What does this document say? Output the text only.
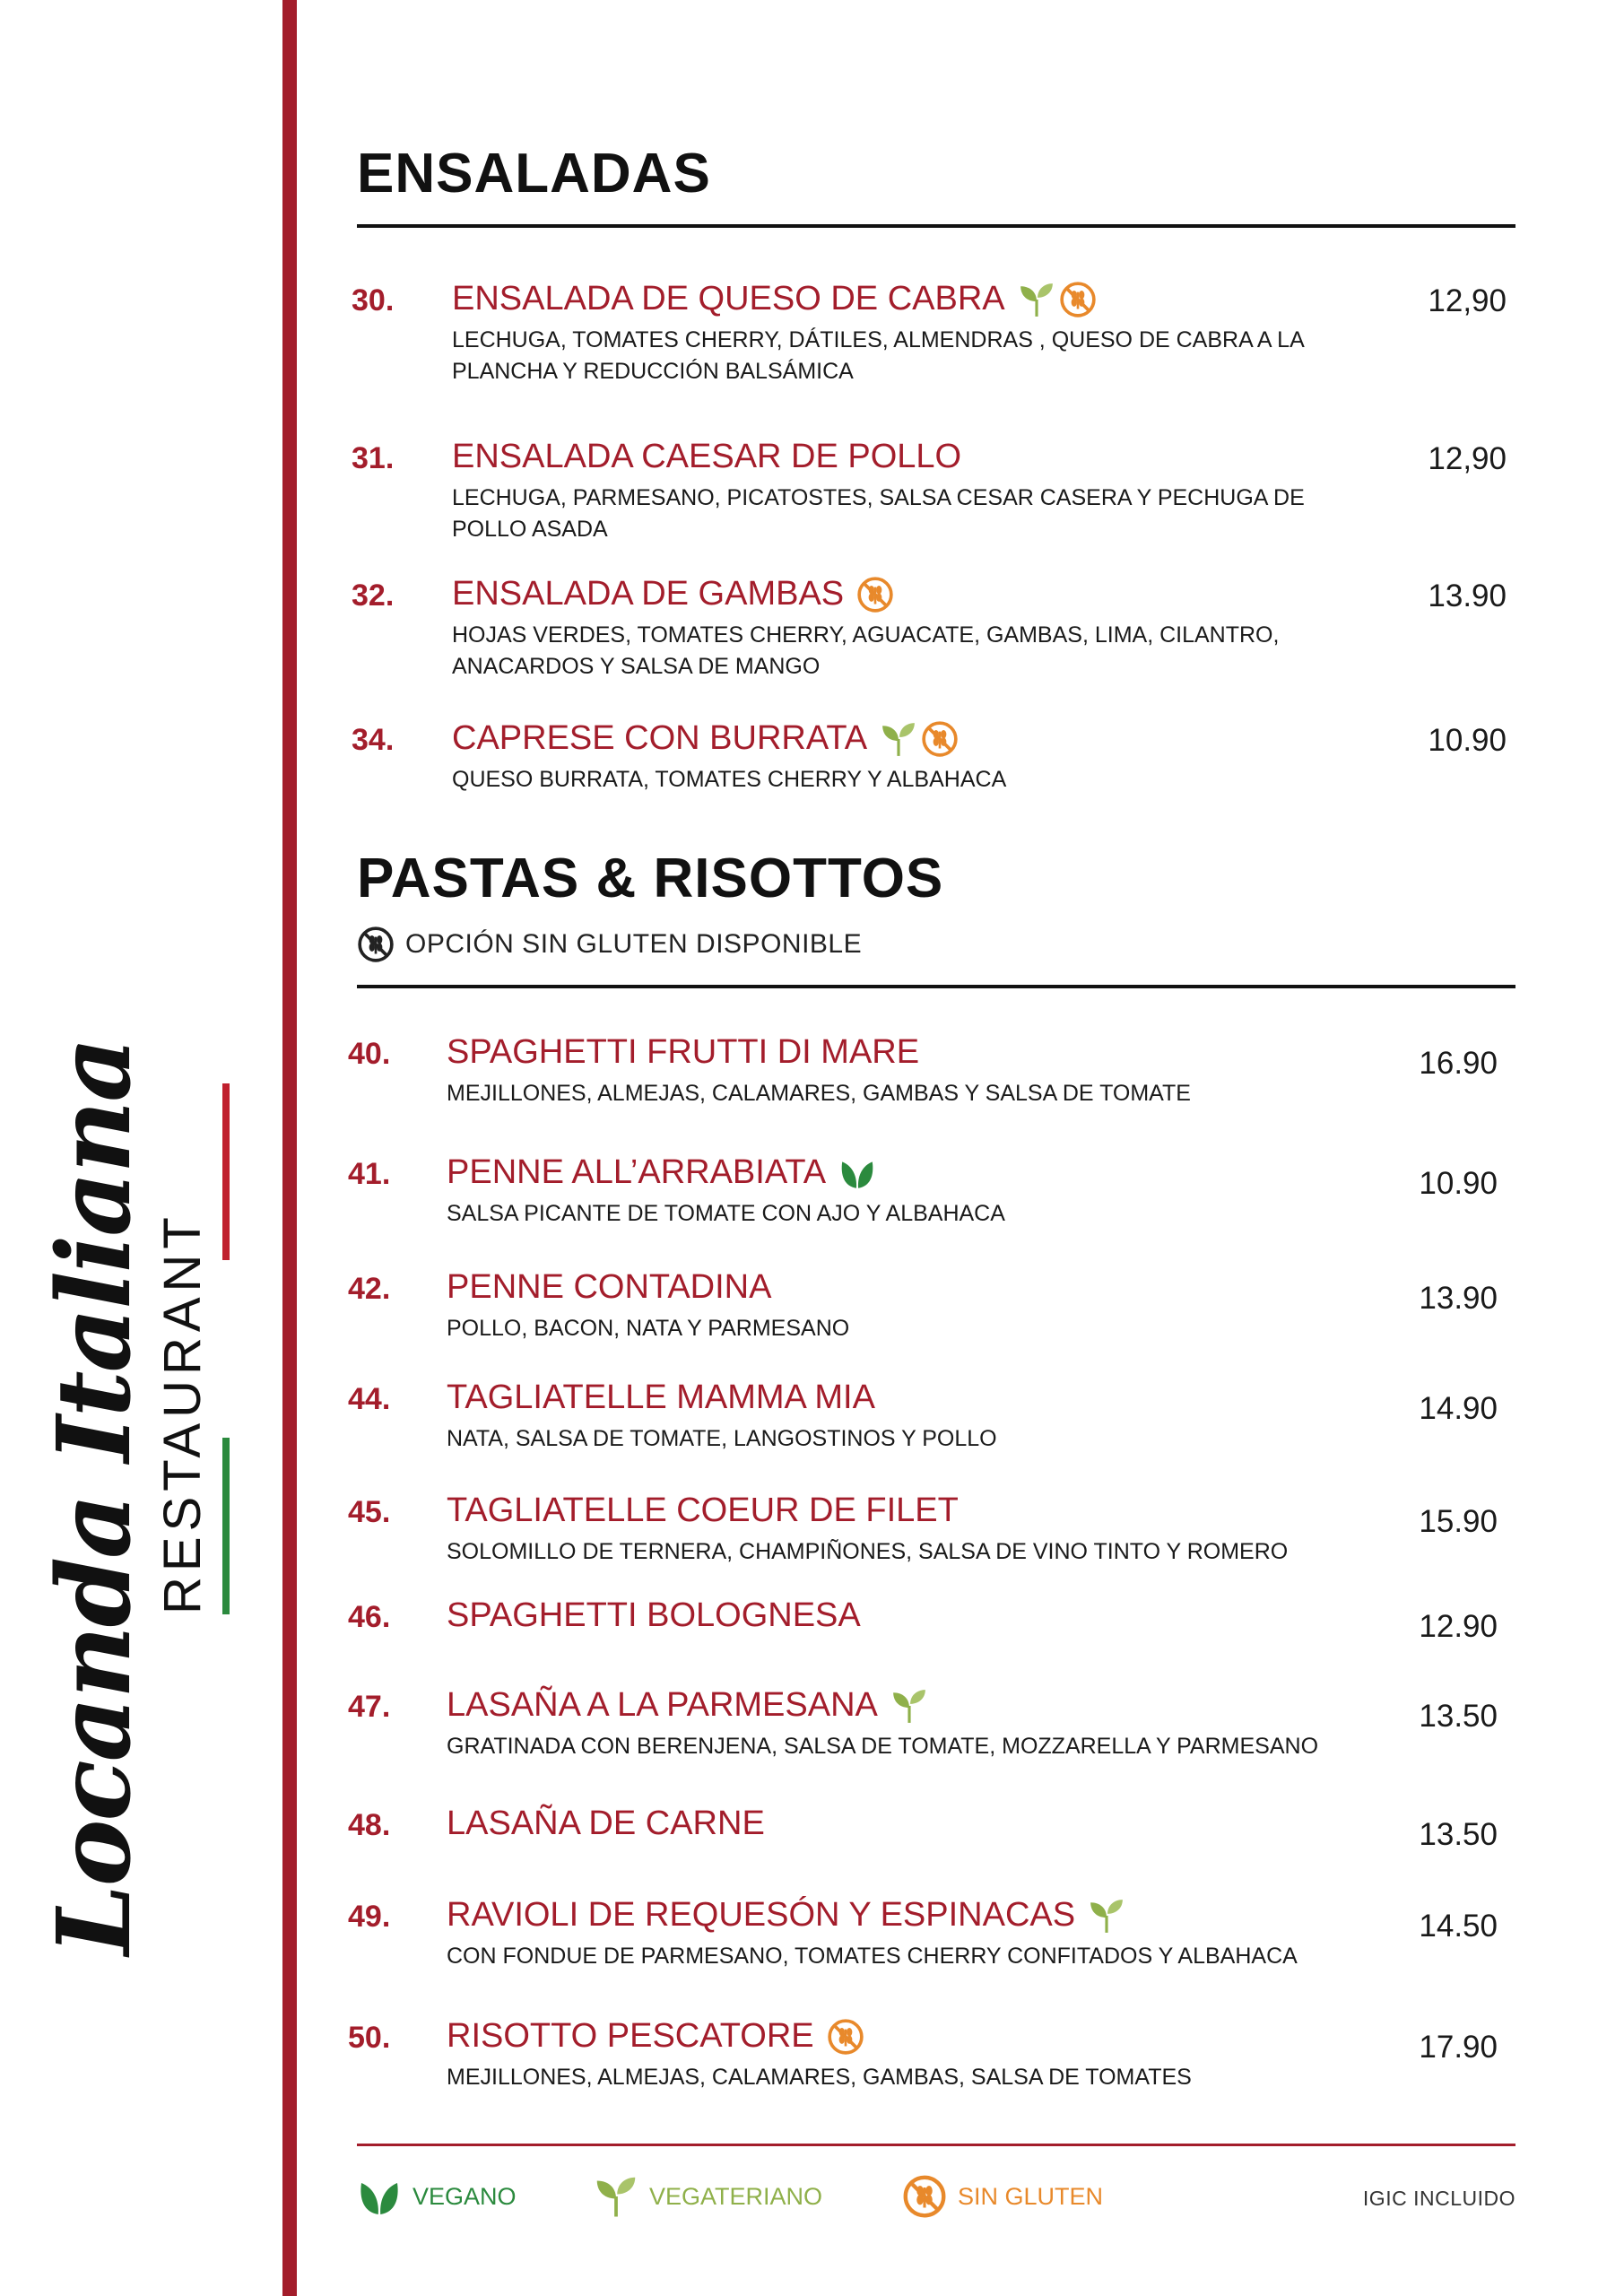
Locanda Italiana RESTAURANT
ENSALADAS
30. ENSALADA DE QUESO DE CABRA
LECHUGA, TOMATES CHERRY, DÁTILES, ALMENDRAS , QUESO DE CABRA A LA PLANCHA Y REDUCCIÓN BALSÁMICA
12,90
31. ENSALADA CAESAR DE POLLO
LECHUGA, PARMESANO, PICATOSTES, SALSA CESAR CASERA Y PECHUGA DE POLLO ASADA
12,90
32. ENSALADA DE GAMBAS
HOJAS VERDES, TOMATES CHERRY, AGUACATE, GAMBAS, LIMA, CILANTRO, ANACARDOS Y SALSA DE MANGO
13.90
34. CAPRESE CON BURRATA
QUESO BURRATA, TOMATES CHERRY Y ALBAHACA
10.90
PASTAS & RISOTTOS
OPCIÓN SIN GLUTEN DISPONIBLE
40. SPAGHETTI FRUTTI DI MARE
MEJILLONES, ALMEJAS, CALAMARES, GAMBAS Y SALSA DE TOMATE
16.90
41. PENNE ALL’ARRABIATA
SALSA PICANTE DE TOMATE CON AJO Y ALBAHACA
10.90
42. PENNE CONTADINA
POLLO, BACON, NATA Y PARMESANO
13.90
44. TAGLIATELLE MAMMA MIA
NATA, SALSA DE TOMATE, LANGOSTINOS Y POLLO
14.90
45. TAGLIATELLE COEUR DE FILET
SOLOMILLO DE TERNERA, CHAMPIÑONES, SALSA DE VINO TINTO Y ROMERO
15.90
46. SPAGHETTI BOLOGNESA	12.90
47. LASAÑA A LA PARMESANA
GRATINADA CON BERENJENA, SALSA DE TOMATE, MOZZARELLA Y PARMESANO
13.50
48. LASAÑA DE CARNE	13.50
49. RAVIOLI DE REQUESÓN Y ESPINACAS
CON FONDUE DE PARMESANO, TOMATES CHERRY CONFITADOS Y ALBAHACA
14.50
50. RISOTTO PESCATORE
MEJILLONES, ALMEJAS, CALAMARES, GAMBAS, SALSA DE TOMATES
17.90
VEGANO	VEGATERIANO	SIN GLUTEN	IGIC INCLUIDO
